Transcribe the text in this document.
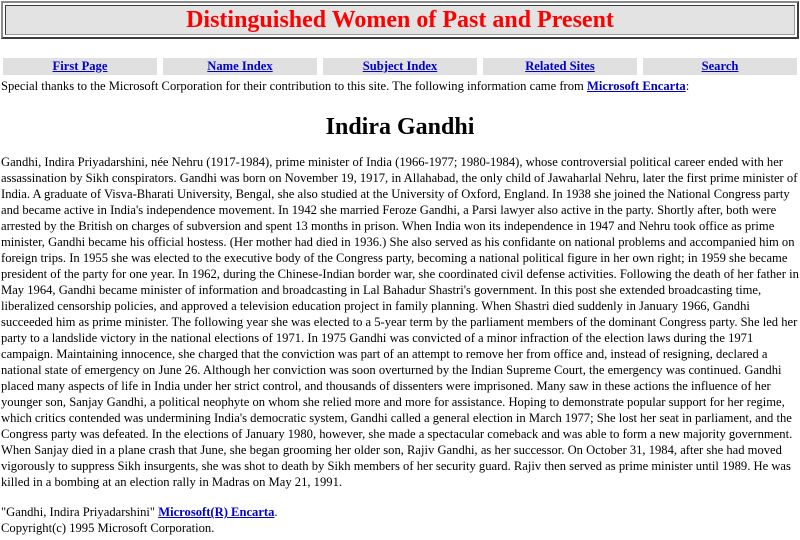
Distinguished Women of Past and Present
First Page	Name Index	Subject Index	Related Sites	Search
Special thanks to the Microsoft Corporation for their contribution to this site. The following information came from Microsoft Encarta:
Indira Gandhi

Gandhi, Indira Priyadarshini, née Nehru (1917-1984), prime minister of India (1966-1977; 1980-1984), whose controversial political career ended with her assassination by Sikh conspirators. Gandhi was born on November 19, 1917, in Allahabad, the only child of Jawaharlal Nehru, later the first prime minister of India. A graduate of Visva-Bharati University, Bengal, she also studied at the University of Oxford, England. In 1938 she joined the National Congress party and became active in India's independence movement. In 1942 she married Feroze Gandhi, a Parsi lawyer also active in the party. Shortly after, both were arrested by the British on charges of subversion and spent 13 months in prison. When India won its independence in 1947 and Nehru took office as prime minister, Gandhi became his official hostess. (Her mother had died in 1936.) She also served as his confidante on national problems and accompanied him on foreign trips. In 1955 she was elected to the executive body of the Congress party, becoming a national political figure in her own right; in 1959 she became president of the party for one year. In 1962, during the Chinese-Indian border war, she coordinated civil defense activities. Following the death of her father in May 1964, Gandhi became minister of information and broadcasting in Lal Bahadur Shastri's government. In this post she extended broadcasting time, liberalized censorship policies, and approved a television education project in family planning. When Shastri died suddenly in January 1966, Gandhi succeeded him as prime minister. The following year she was elected to a 5-year term by the parliament members of the dominant Congress party. She led her party to a landslide victory in the national elections of 1971. In 1975 Gandhi was convicted of a minor infraction of the election laws during the 1971 campaign. Maintaining innocence, she charged that the conviction was part of an attempt to remove her from office and, instead of resigning, declared a national state of emergency on June 26. Although her conviction was soon overturned by the Indian Supreme Court, the emergency was continued. Gandhi placed many aspects of life in India under her strict control, and thousands of dissenters were imprisoned. Many saw in these actions the influence of her younger son, Sanjay Gandhi, a political neophyte on whom she relied more and more for assistance. Hoping to demonstrate popular support for her regime, which critics contended was undermining India's democratic system, Gandhi called a general election in March 1977; She lost her seat in parliament, and the Congress party was defeated. In the elections of January 1980, however, she made a spectacular comeback and was able to form a new majority government. When Sanjay died in a plane crash that June, she began grooming her older son, Rajiv Gandhi, as her successor. On October 31, 1984, after she had moved vigorously to suppress Sikh insurgents, she was shot to death by Sikh members of her security guard. Rajiv then served as prime minister until 1989. He was killed in a bombing at an election rally in Madras on May 21, 1991.

"Gandhi, Indira Priyadarshini" Microsoft(R) Encarta.
Copyright(c) 1995 Microsoft Corporation.
